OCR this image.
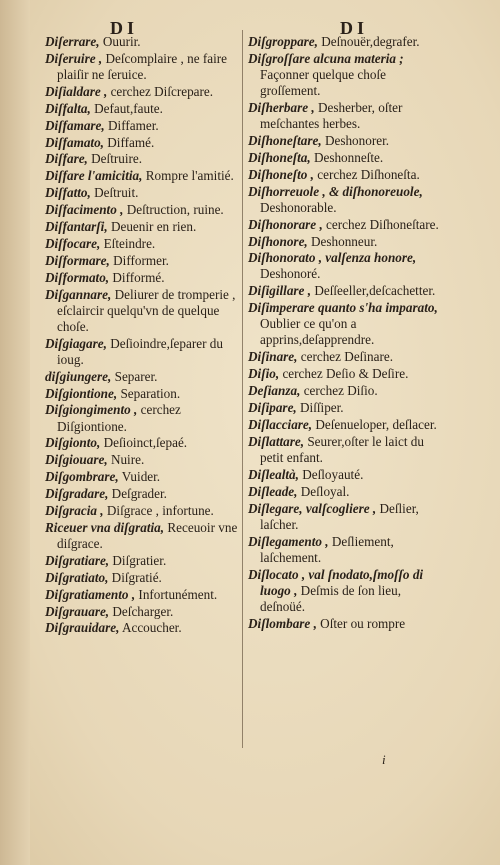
DI	DI
Diſerrare, Ouurir.
Diſeruire , Deſcomplaire , ne faire plaiſir ne ſeruice.
Diſialdare , cerchez Diſcrepare.
Diſfalta, Defaut,faute.
Diſfamare, Diffamer.
Diſfamato, Diffamé.
Diſfare, Deſtruire.
Diſfare l'amicitia, Rompre l'amitié.
Diſfatto, Deſtruit.
Diſfacimento , Deſtruction, ruine.
Diſfantarſi, Deuenir en rien.
Diſfocare, Eſteindre.
Diſformare, Difformer.
Diſformato, Difformé.
Diſgannare, Deliurer de tromperie , eſclaircir quelqu'vn de quelque choſe.
Diſgiagare, Deſioindre,ſeparer du ioug.
diſgiungere, Separer.
Diſgiontione, Separation.
Diſgiongimento , cerchez Diſgiontione.
Diſgionto, Deſioinct,ſepaé.
Diſgiouare, Nuire.
Diſgombrare, Vuider.
Diſgradare, Deſgrader.
Diſgracia , Diſgrace , infortune.
Riceuer vna diſgratia, Receuoir vne diſgrace.
Diſgratiare, Diſgratier.
Diſgratiato, Diſgratié.
Diſgratiamento , Infortunément.
Diſgrauare, Deſcharger.
Diſgrauidare, Accoucher.
Diſgroppare, Deſnouër,degrafer.
Diſgroſſare alcuna materia ; Façonner quelque choſe groſſement.
Diſherbare , Desherber, oſter meſchantes herbes.
Diſhoneſtare, Deshonorer.
Diſhoneſta, Deshonneſte.
Diſhoneſto , cerchez Diſhoneſta.
Diſhorreuole , & diſhonoreuole, Deshonorable.
Diſhonorare , cerchez Diſhoneſtare.
Diſhonore, Deshonneur.
Diſhonorato , valſenza honore, Deshonoré.
Diſigillare , Deſſeeller,deſcachetter.
Diſimperare quanto s'ha imparato, Oublier ce qu'on a apprins,deſapprendre.
Diſinare, cerchez Deſinare.
Diſio, cerchez Deſio & Deſire.
Deſianza, cerchez Diſio.
Diſipare, Diſſiper.
Diſlacciare, Deſenueloper, deſlacer.
Diſlattare, Seurer,oſter le laict du petit enfant.
Diſlealtà, Deſloyauté.
Diſleade, Deſloyal.
Diſlegare, valſcogliere , Deſlier, laſcher.
Diſlegamento , Deſliement, laſchement.
Diſlocato , val ſnodato,ſmoſſo di luogo , Deſmis de ſon lieu, deſnoüé.
Diſlombare , Oſter ou rompre
i
